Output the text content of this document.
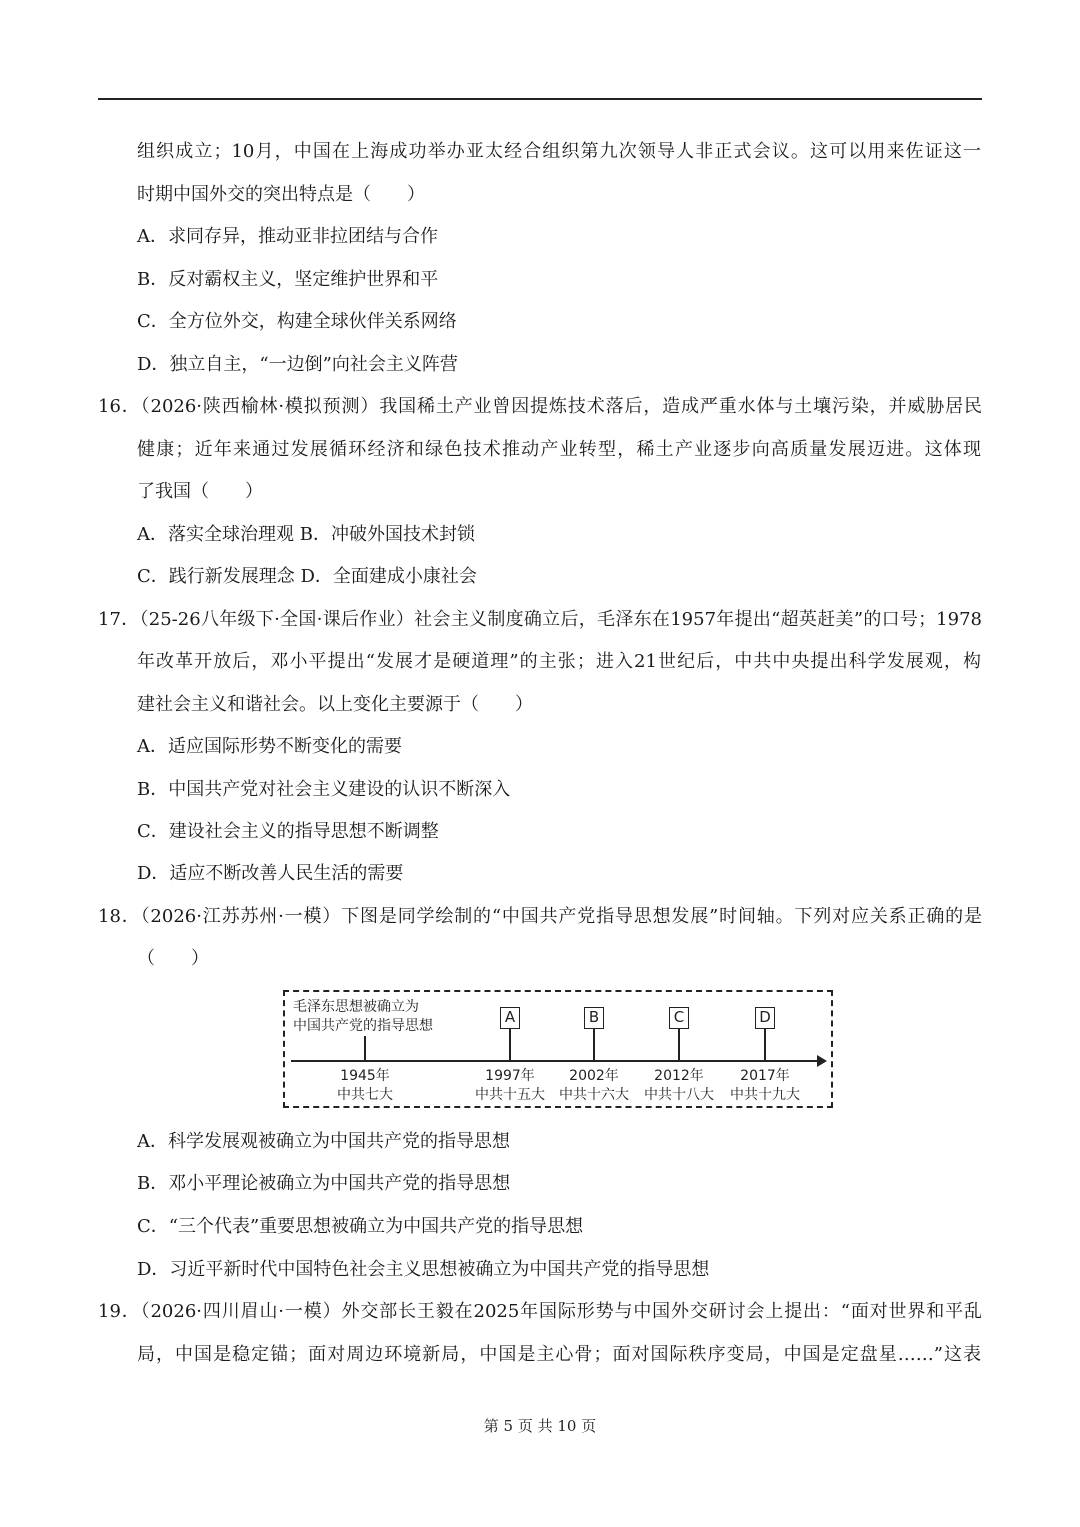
组织成立；10月，中国在上海成功举办亚太经合组织第九次领导人非正式会议。这可以用来佐证这一
时期中国外交的突出特点是（　　）
A．求同存异，推动亚非拉团结与合作
B．反对霸权主义，坚定维护世界和平
C．全方位外交，构建全球伙伴关系网络
D．独立自主，“一边倒”向社会主义阵营
16．（2026·陕西榆林·模拟预测）我国稀土产业曾因提炼技术落后，造成严重水体与土壤污染，并威胁居民
健康；近年来通过发展循环经济和绿色技术推动产业转型，稀土产业逐步向高质量发展迈进。这体现
了我国（　　）
A．落实全球治理观 B．冲破外国技术封锁
C．践行新发展理念 D．全面建成小康社会
17．（25-26八年级下·全国·课后作业）社会主义制度确立后，毛泽东在1957年提出“超英赶美”的口号；1978
年改革开放后，邓小平提出“发展才是硬道理”的主张；进入21世纪后，中共中央提出科学发展观，构
建社会主义和谐社会。以上变化主要源于（　　）
A．适应国际形势不断变化的需要
B．中国共产党对社会主义建设的认识不断深入
C．建设社会主义的指导思想不断调整
D．适应不断改善人民生活的需要
18．（2026·江苏苏州·一模）下图是同学绘制的“中国共产党指导思想发展”时间轴。下列对应关系正确的是
（　　）
毛泽东思想被确立为
中国共产党的指导思想
1945年
中共七大
A
1997年
中共十五大
B
2002年
中共十六大
C
2012年
中共十八大
D
2017年
中共十九大
A．科学发展观被确立为中国共产党的指导思想
B．邓小平理论被确立为中国共产党的指导思想
C．“三个代表”重要思想被确立为中国共产党的指导思想
D．习近平新时代中国特色社会主义思想被确立为中国共产党的指导思想
19．（2026·四川眉山·一模）外交部长王毅在2025年国际形势与中国外交研讨会上提出：“面对世界和平乱
局，中国是稳定锚；面对周边环境新局，中国是主心骨；面对国际秩序变局，中国是定盘星……”这表
第 5 页 共 10 页
